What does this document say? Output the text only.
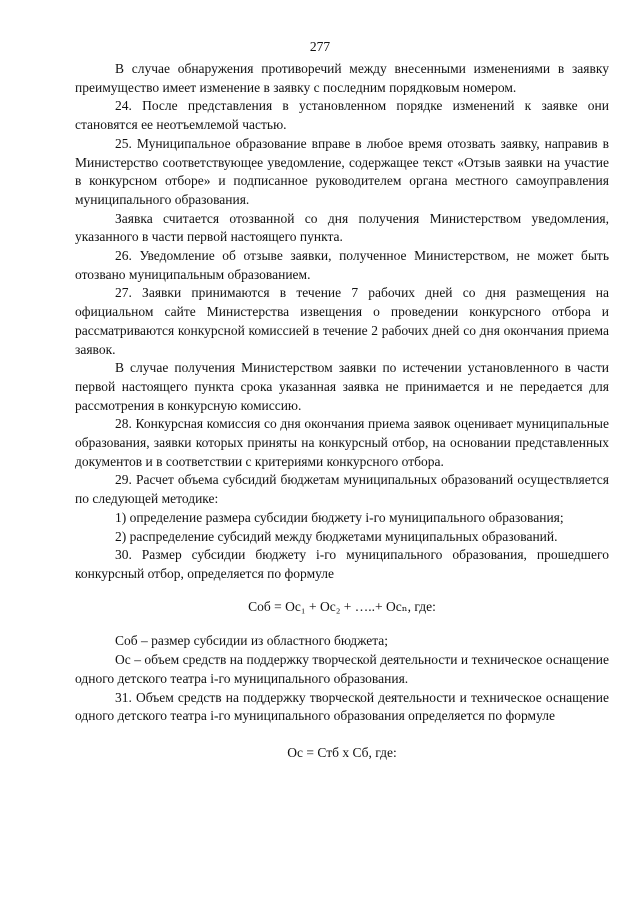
277

В случае обнаружения противоречий между внесенными изменениями в заявку преимущество имеет изменение в заявку с последним порядковым номером.

24. После представления в установленном порядке изменений к заявке они становятся ее неотъемлемой частью.

25. Муниципальное образование вправе в любое время отозвать заявку, направив в Министерство соответствующее уведомление, содержащее текст «Отзыв заявки на участие в конкурсном отборе» и подписанное руководителем органа местного самоуправления муниципального образования.

Заявка считается отозванной со дня получения Министерством уведомления, указанного в части первой настоящего пункта.

26. Уведомление об отзыве заявки, полученное Министерством, не может быть отозвано муниципальным образованием.

27. Заявки принимаются в течение 7 рабочих дней со дня размещения на официальном сайте Министерства извещения о проведении конкурсного отбора и рассматриваются конкурсной комиссией в течение 2 рабочих дней со дня окончания приема заявок.

В случае получения Министерством заявки по истечении установленного в части первой настоящего пункта срока указанная заявка не принимается и не передается для рассмотрения в конкурсную комиссию.

28. Конкурсная комиссия со дня окончания приема заявок оценивает муниципальные образования, заявки которых приняты на конкурсный отбор, на основании представленных документов и в соответствии с критериями конкурсного отбора.

29. Расчет объема субсидий бюджетам муниципальных образований осуществляется по следующей методике:

1) определение размера субсидии бюджету i-го муниципального образования;

2) распределение субсидий между бюджетами муниципальных образований.

30. Размер субсидии бюджету i-го муниципального образования, прошедшего конкурсный отбор, определяется по формуле

Соб = Ос₁ + Ос₂ + …..+ Осₙ, где:

Соб – размер субсидии из областного бюджета;

Ос – объем средств на поддержку творческой деятельности и техническое оснащение одного детского театра i-го муниципального образования.

31. Объем средств на поддержку творческой деятельности и техническое оснащение одного детского театра i-го муниципального образования определяется по формуле

Ос = Стб х Сб, где:
